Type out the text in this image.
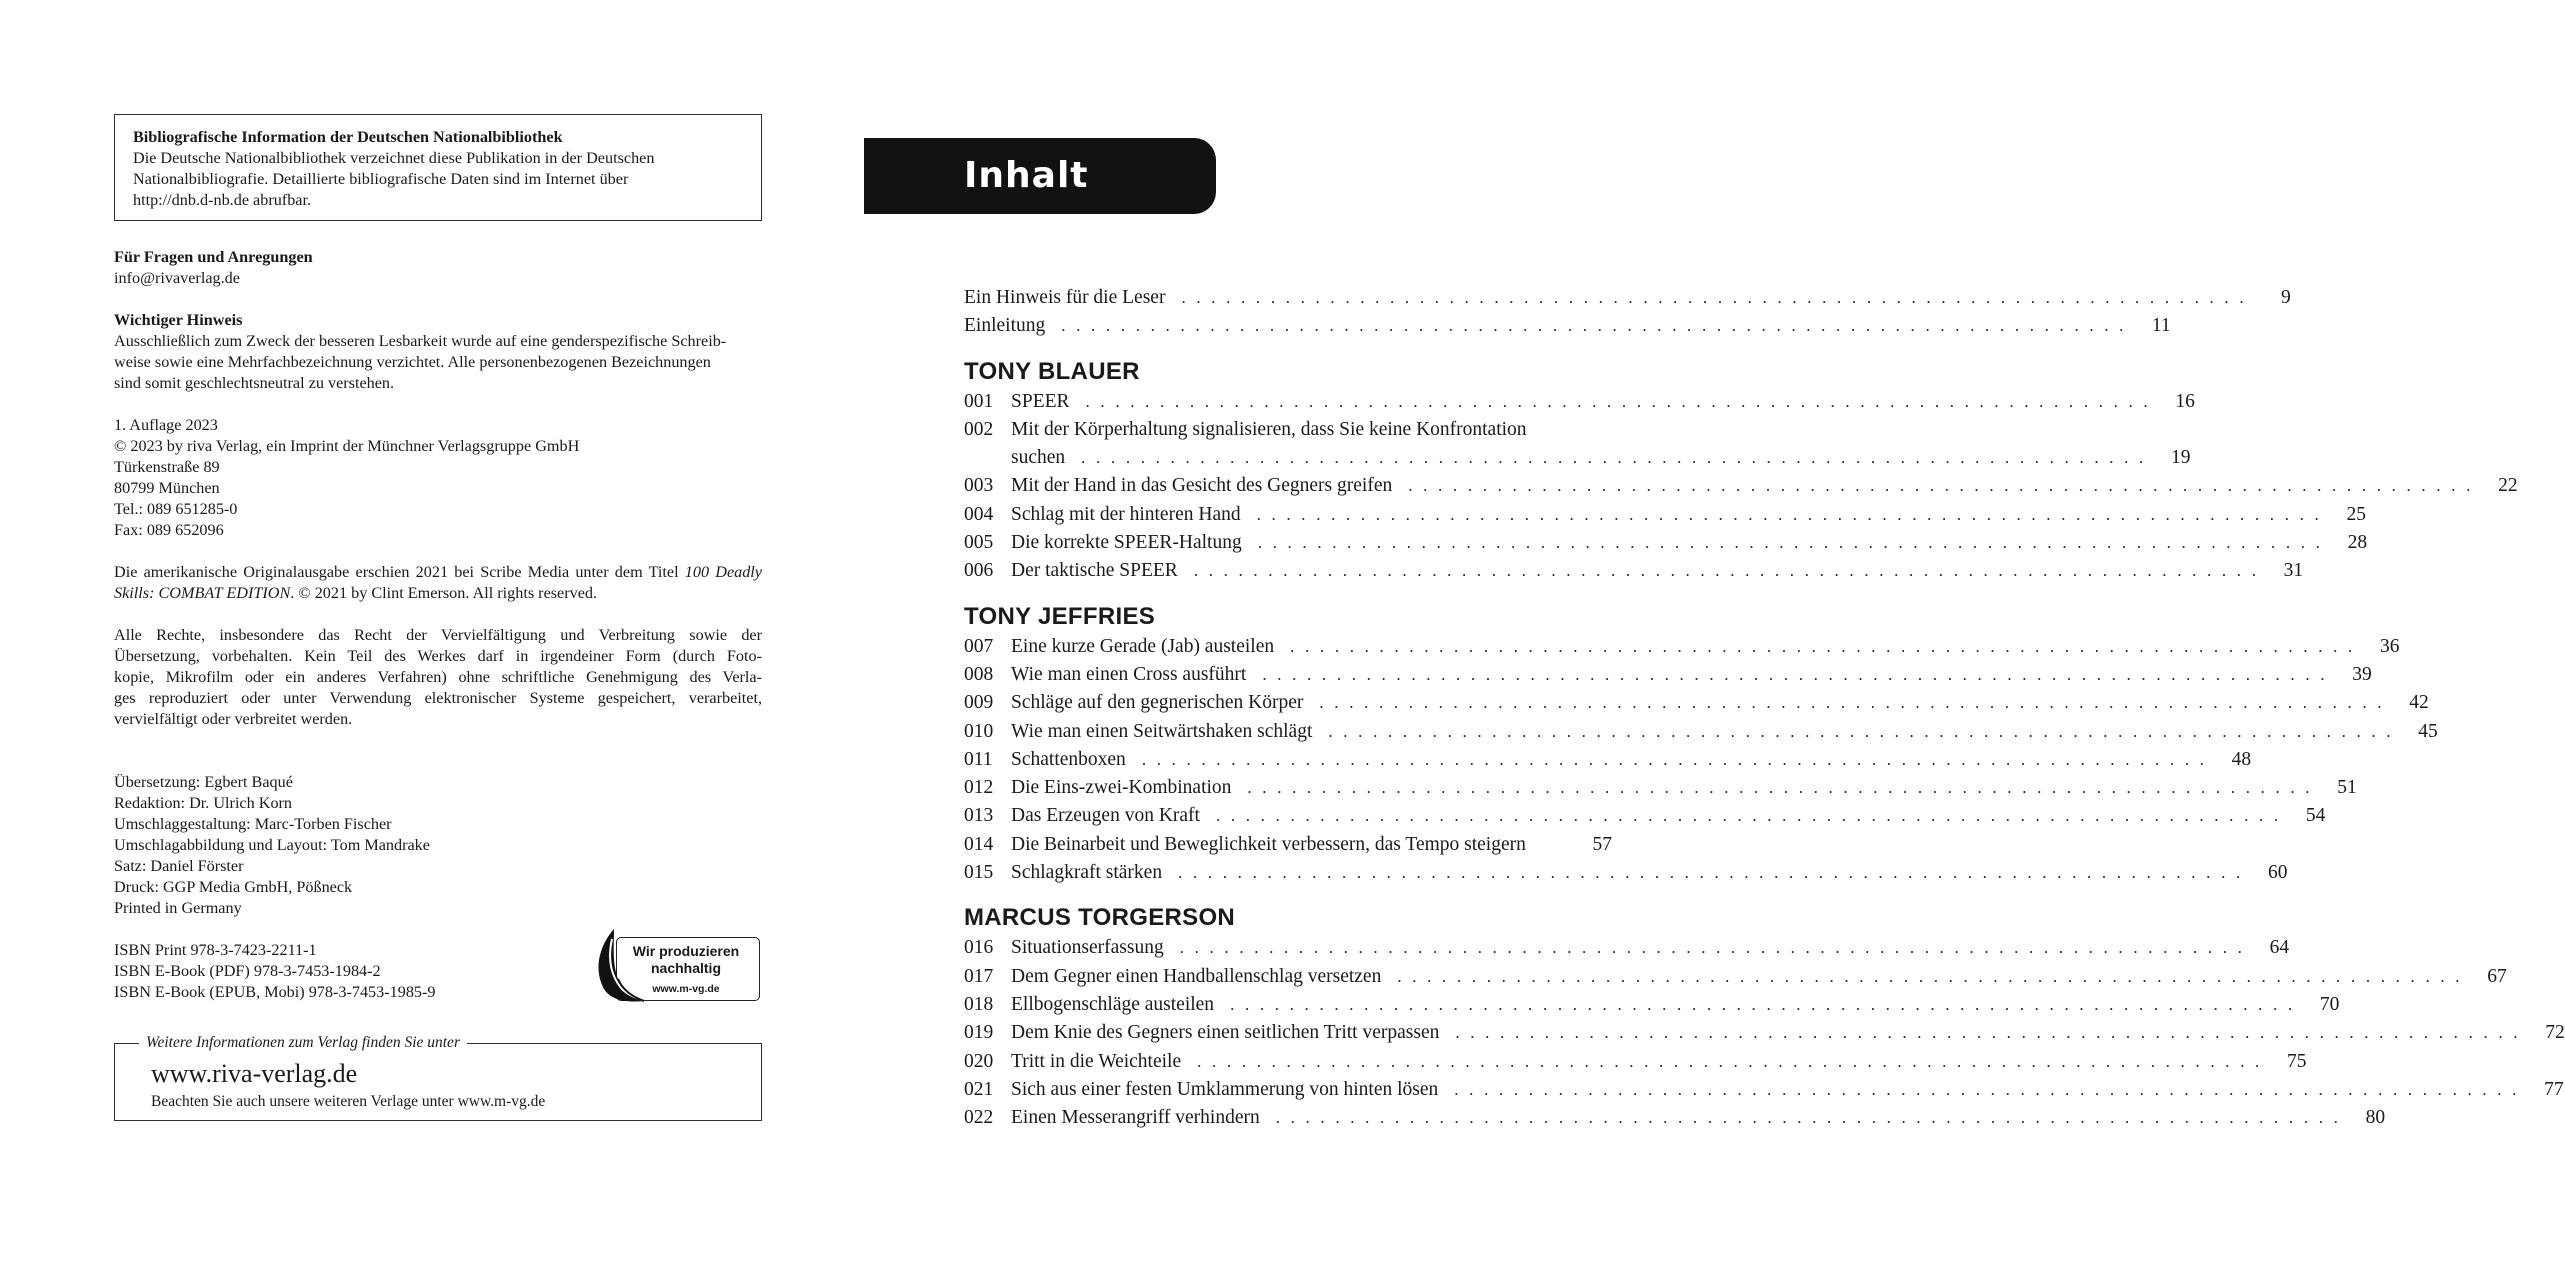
Bibliografische Information der Deutschen Nationalbibliothek

Die Deutsche Nationalbibliothek verzeichnet diese Publikation in der Deutschen

Nationalbibliografie. Detaillierte bibliografische Daten sind im Internet über

http://dnb.d-nb.de abrufbar.

Für Fragen und Anregungen

info@rivaverlag.de

Wichtiger Hinweis

Ausschließlich zum Zweck der besseren Lesbarkeit wurde auf eine genderspezifische Schreib-

weise sowie eine Mehrfachbezeichnung verzichtet. Alle personenbezogenen Bezeichnungen

sind somit geschlechtsneutral zu verstehen.

1. Auflage 2023

© 2023 by riva Verlag, ein Imprint der Münchner Verlagsgruppe GmbH

Türkenstraße 89

80799 München

Tel.: 089 651285-0

Fax: 089 652096

Die amerikanische Originalausgabe erschien 2021 bei Scribe Media unter dem Titel 100 Deadly Skills: COMBAT EDITION. © 2021 by Clint Emerson. All rights reserved.

Alle Rechte, insbesondere das Recht der Vervielfältigung und Verbreitung sowie der

Übersetzung, vorbehalten. Kein Teil des Werkes darf in irgendeiner Form (durch Foto-

kopie, Mikrofilm oder ein anderes Verfahren) ohne schriftliche Genehmigung des Verla-

ges reproduziert oder unter Verwendung elektronischer Systeme gespeichert, verarbeitet,

vervielfältigt oder verbreitet werden.

Übersetzung: Egbert Baqué

Redaktion: Dr. Ulrich Korn

Umschlaggestaltung: Marc-Torben Fischer

Umschlagabbildung und Layout: Tom Mandrake

Satz: Daniel Förster

Druck: GGP Media GmbH, Pößneck

Printed in Germany

ISBN Print 978-3-7423-2211-1

ISBN E-Book (PDF) 978-3-7453-1984-2

ISBN E-Book (EPUB, Mobi) 978-3-7453-1985-9

Wir produzieren
nachhaltig
www.m-vg.de
Weitere Informationen zum Verlag finden Sie unter
www.riva-verlag.de
Beachten Sie auch unsere weiteren Verlage unter www.m-vg.de
Inhalt
Ein Hinweis für die Leser . . . . . . . . . . . . . . . . . . . . . . . . . . . . . . . . . . . . . . . . . . . . . . . . . . . . . . . . . . . . . . . . . . . . . . . .	9
Einleitung . . . . . . . . . . . . . . . . . . . . . . . . . . . . . . . . . . . . . . . . . . . . . . . . . . . . . . . . . . . . . . . . . . . . . . . .	11
TONY BLAUER
001 SPEER . . . . . . . . . . . . . . . . . . . . . . . . . . . . . . . . . . . . . . . . . . . . . . . . . . . . . . . . . . . . . . . . . . . . . . . .	16
002 Mit der Körperhaltung signalisieren, dass Sie keine Konfrontation
suchen . . . . . . . . . . . . . . . . . . . . . . . . . . . . . . . . . . . . . . . . . . . . . . . . . . . . . . . . . . . . . . . . . . . . . . . .	19
003 Mit der Hand in das Gesicht des Gegners greifen . . . . . . . . . . . . . . . . . . . . . . . . . . . . . . . . . . . . . . . . . . . . . . . . . . . . . . . . . . . . . . . . . . . . . . . .	22
004 Schlag mit der hinteren Hand . . . . . . . . . . . . . . . . . . . . . . . . . . . . . . . . . . . . . . . . . . . . . . . . . . . . . . . . . . . . . . . . . . . . . . . .	25
005 Die korrekte SPEER-Haltung . . . . . . . . . . . . . . . . . . . . . . . . . . . . . . . . . . . . . . . . . . . . . . . . . . . . . . . . . . . . . . . . . . . . . . . .	28
006 Der taktische SPEER . . . . . . . . . . . . . . . . . . . . . . . . . . . . . . . . . . . . . . . . . . . . . . . . . . . . . . . . . . . . . . . . . . . . . . . .	31
TONY JEFFRIES
007 Eine kurze Gerade (Jab) austeilen . . . . . . . . . . . . . . . . . . . . . . . . . . . . . . . . . . . . . . . . . . . . . . . . . . . . . . . . . . . . . . . . . . . . . . . .	36
008 Wie man einen Cross ausführt . . . . . . . . . . . . . . . . . . . . . . . . . . . . . . . . . . . . . . . . . . . . . . . . . . . . . . . . . . . . . . . . . . . . . . . .	39
009 Schläge auf den gegnerischen Körper . . . . . . . . . . . . . . . . . . . . . . . . . . . . . . . . . . . . . . . . . . . . . . . . . . . . . . . . . . . . . . . . . . . . . . . .	42
010 Wie man einen Seitwärtshaken schlägt . . . . . . . . . . . . . . . . . . . . . . . . . . . . . . . . . . . . . . . . . . . . . . . . . . . . . . . . . . . . . . . . . . . . . . . .	45
011 Schattenboxen . . . . . . . . . . . . . . . . . . . . . . . . . . . . . . . . . . . . . . . . . . . . . . . . . . . . . . . . . . . . . . . . . . . . . . . .	48
012 Die Eins-zwei-Kombination . . . . . . . . . . . . . . . . . . . . . . . . . . . . . . . . . . . . . . . . . . . . . . . . . . . . . . . . . . . . . . . . . . . . . . . .	51
013 Das Erzeugen von Kraft . . . . . . . . . . . . . . . . . . . . . . . . . . . . . . . . . . . . . . . . . . . . . . . . . . . . . . . . . . . . . . . . . . . . . . . .	54
014 Die Beinarbeit und Beweglichkeit verbessern, das Tempo steigern	57
015 Schlagkraft stärken . . . . . . . . . . . . . . . . . . . . . . . . . . . . . . . . . . . . . . . . . . . . . . . . . . . . . . . . . . . . . . . . . . . . . . . .	60
MARCUS TORGERSON
016 Situationserfassung . . . . . . . . . . . . . . . . . . . . . . . . . . . . . . . . . . . . . . . . . . . . . . . . . . . . . . . . . . . . . . . . . . . . . . . .	64
017 Dem Gegner einen Handballenschlag versetzen . . . . . . . . . . . . . . . . . . . . . . . . . . . . . . . . . . . . . . . . . . . . . . . . . . . . . . . . . . . . . . . . . . . . . . . .	67
018 Ellbogenschläge austeilen . . . . . . . . . . . . . . . . . . . . . . . . . . . . . . . . . . . . . . . . . . . . . . . . . . . . . . . . . . . . . . . . . . . . . . . .	70
019 Dem Knie des Gegners einen seitlichen Tritt verpassen . . . . . . . . . . . . . . . . . . . . . . . . . . . . . . . . . . . . . . . . . . . . . . . . . . . . . . . . . . . . . . . . . . . . . . . .	72
020 Tritt in die Weichteile . . . . . . . . . . . . . . . . . . . . . . . . . . . . . . . . . . . . . . . . . . . . . . . . . . . . . . . . . . . . . . . . . . . . . . . .	75
021 Sich aus einer festen Umklammerung von hinten lösen . . . . . . . . . . . . . . . . . . . . . . . . . . . . . . . . . . . . . . . . . . . . . . . . . . . . . . . . . . . . . . . . . . . . . . . .	77
022 Einen Messerangriff verhindern . . . . . . . . . . . . . . . . . . . . . . . . . . . . . . . . . . . . . . . . . . . . . . . . . . . . . . . . . . . . . . . . . . . . . . . .	80
